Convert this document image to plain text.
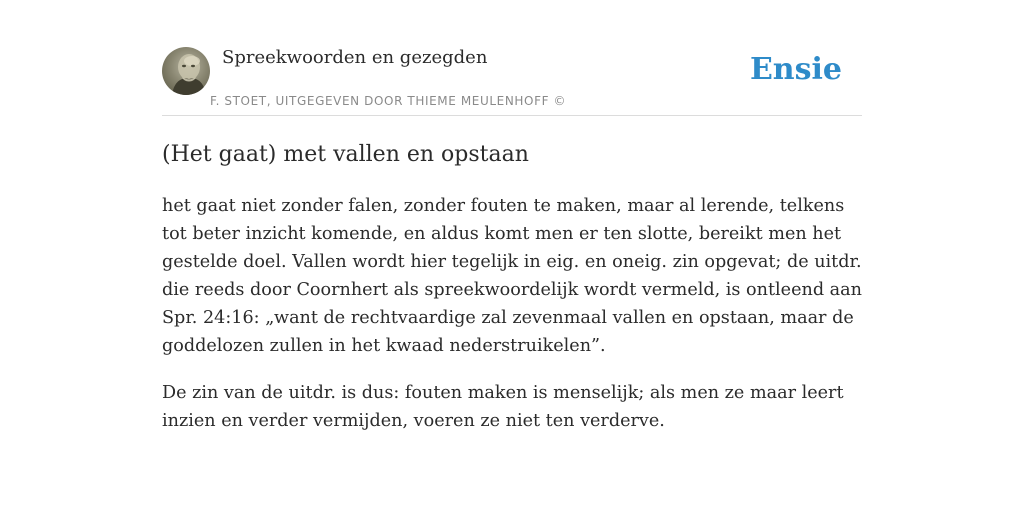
Spreekwoorden en gezegden
F. STOET, UITGEGEVEN DOOR THIEME MEULENHOFF ©
Ensie
(Het gaat) met vallen en opstaan

het gaat niet zonder falen, zonder fouten te maken, maar al lerende, telkens tot beter inzicht komende, en aldus komt men er ten slotte, bereikt men het gestelde doel. Vallen wordt hier tegelijk in eig. en oneig. zin opgevat; de uitdr. die reeds door Coornhert als spreekwoordelijk wordt vermeld, is ontleend aan Spr. 24:16: „want de rechtvaardige zal zevenmaal vallen en opstaan, maar de goddelozen zullen in het kwaad nederstruikelen”.

De zin van de uitdr. is dus: fouten maken is menselijk; als men ze maar leert inzien en verder vermijden, voeren ze niet ten verderve.
